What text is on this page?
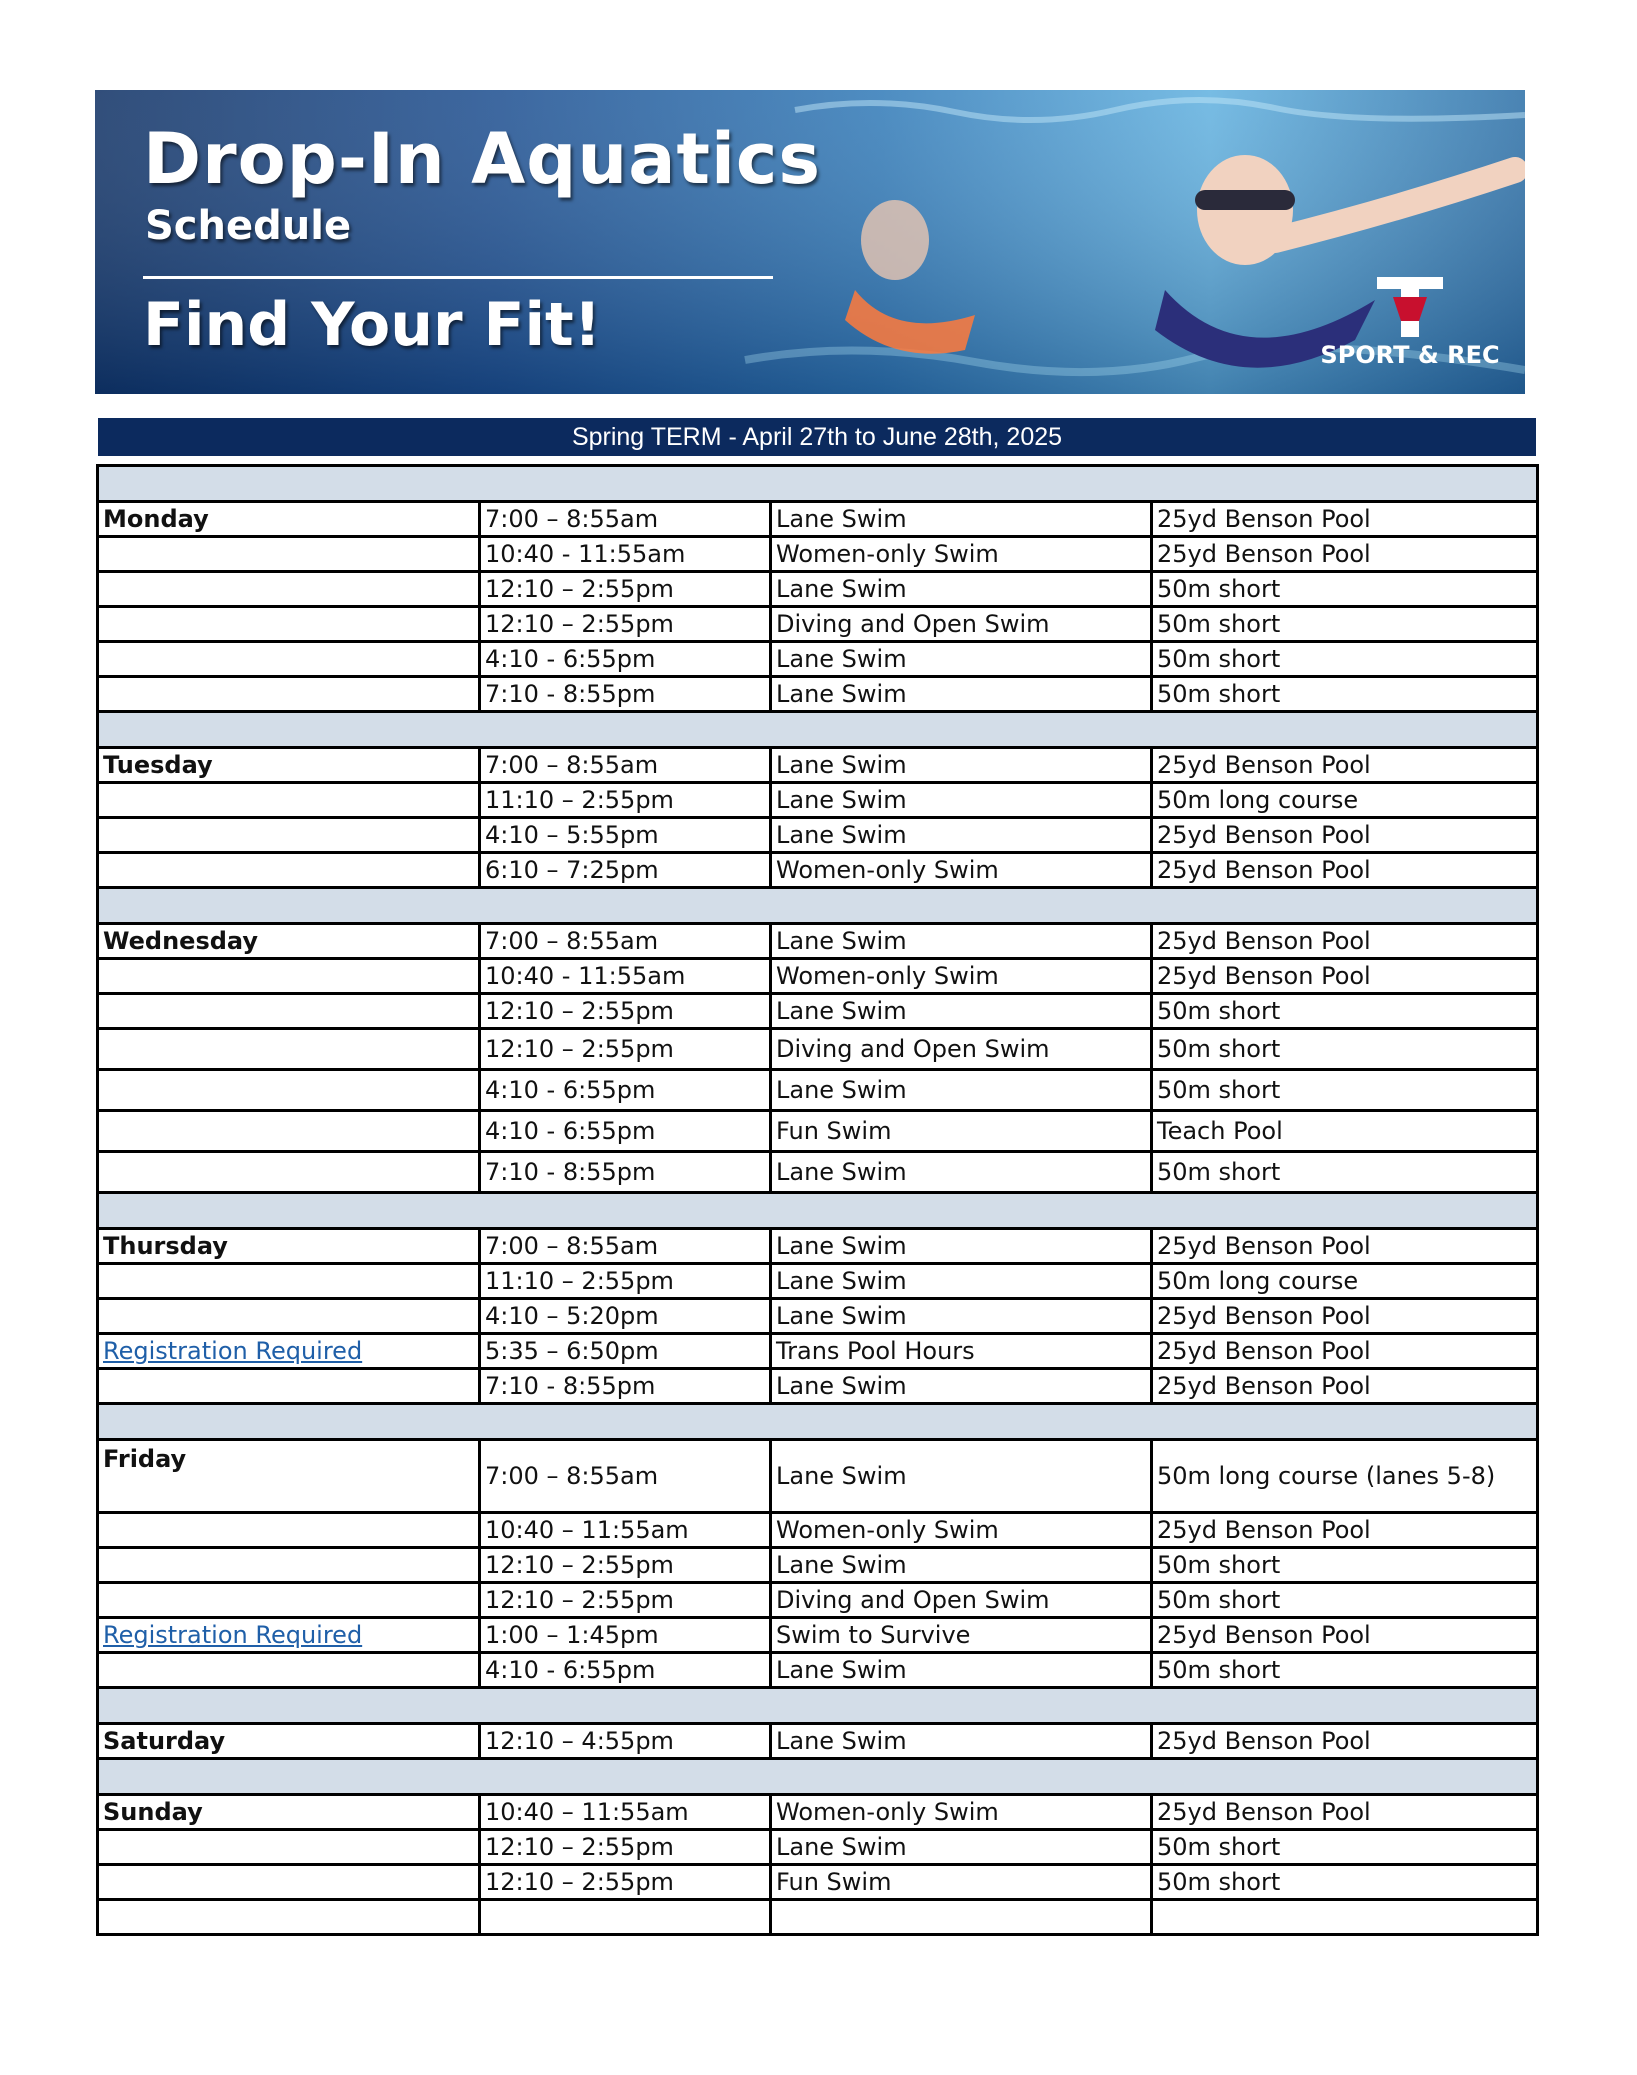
Drop-In Aquatics
Schedule
Find Your Fit!	SPORT & REC
Spring TERM - April 27th to June 28th, 2025

Monday	7:00 – 8:55am	Lane Swim	25yd Benson Pool
	10:40 - 11:55am	Women-only Swim	25yd Benson Pool
	12:10 – 2:55pm	Lane Swim	50m short
	12:10 – 2:55pm	Diving and Open Swim	50m short
	4:10 - 6:55pm	Lane Swim	50m short
	7:10 - 8:55pm	Lane Swim	50m short

Tuesday	7:00 – 8:55am	Lane Swim	25yd Benson Pool
	11:10 – 2:55pm	Lane Swim	50m long course
	4:10 – 5:55pm	Lane Swim	25yd Benson Pool
	6:10 – 7:25pm	Women-only Swim	25yd Benson Pool

Wednesday	7:00 – 8:55am	Lane Swim	25yd Benson Pool
	10:40 - 11:55am	Women-only Swim	25yd Benson Pool
	12:10 – 2:55pm	Lane Swim	50m short
	12:10 – 2:55pm	Diving and Open Swim	50m short
	4:10 - 6:55pm	Lane Swim	50m short
	4:10 - 6:55pm	Fun Swim	Teach Pool
	7:10 - 8:55pm	Lane Swim	50m short

Thursday	7:00 – 8:55am	Lane Swim	25yd Benson Pool
	11:10 – 2:55pm	Lane Swim	50m long course
	4:10 – 5:20pm	Lane Swim	25yd Benson Pool
Registration Required	5:35 – 6:50pm	Trans Pool Hours	25yd Benson Pool
	7:10 - 8:55pm	Lane Swim	25yd Benson Pool

Friday	7:00 – 8:55am	Lane Swim	50m long course (lanes 5-8)
	10:40 – 11:55am	Women-only Swim	25yd Benson Pool
	12:10 – 2:55pm	Lane Swim	50m short
	12:10 – 2:55pm	Diving and Open Swim	50m short
Registration Required	1:00 – 1:45pm	Swim to Survive	25yd Benson Pool
	4:10 - 6:55pm	Lane Swim	50m short

Saturday	12:10 – 4:55pm	Lane Swim	25yd Benson Pool

Sunday	10:40 – 11:55am	Women-only Swim	25yd Benson Pool
	12:10 – 2:55pm	Lane Swim	50m short
	12:10 – 2:55pm	Fun Swim	50m short
